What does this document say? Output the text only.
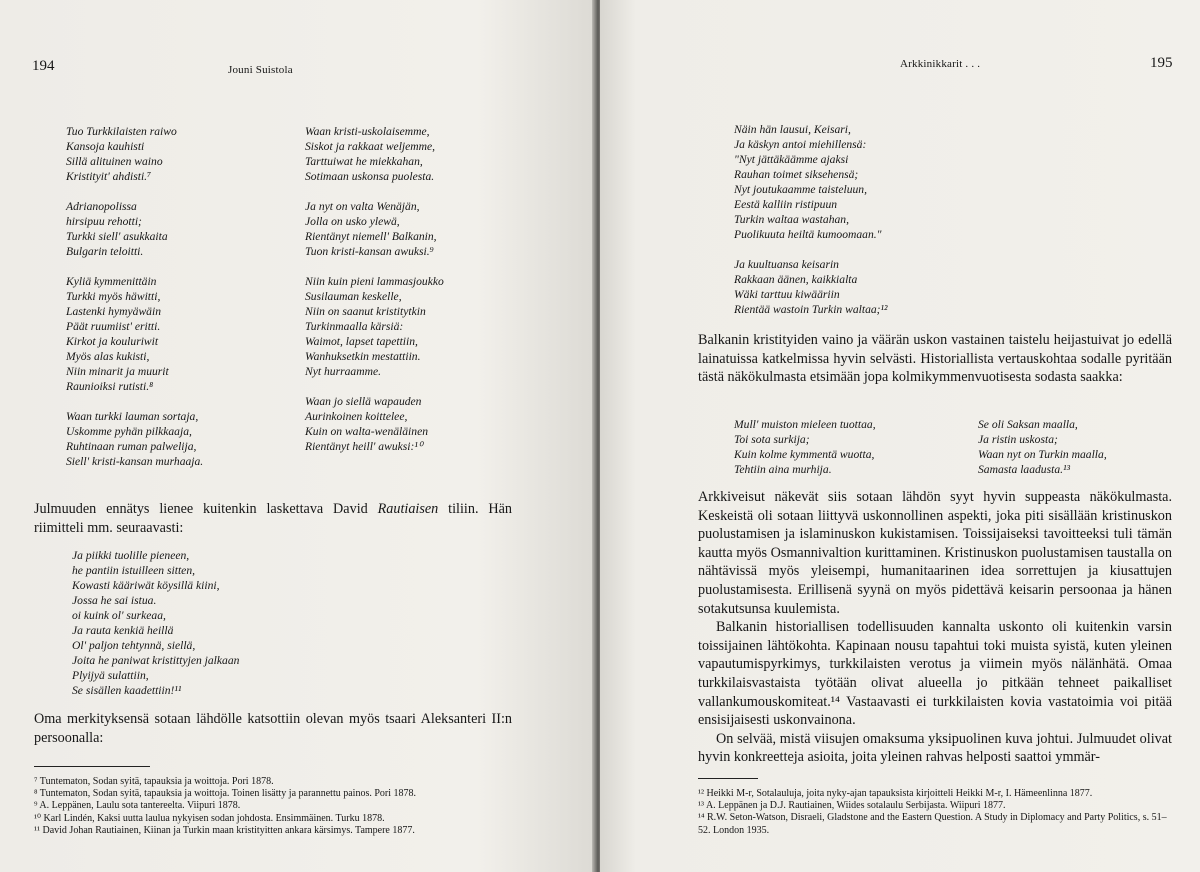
194	Jouni Suistola
Tuo Turkkilaisten raiwo
Kansoja kauhisti
Sillä alituinen waino
Kristityit' ahdisti.⁷
Adrianopolissa
hirsipuu rehotti;
Turkki siell' asukkaita
Bulgarin teloitti.
Kyliä kymmenittäin
Turkki myös häwitti,
Lastenki hymyäwäin
Päät ruumiist' eritti.
Kirkot ja kouluriwit
Myös alas kukisti,
Niin minarit ja muurit
Raunioiksi rutisti.⁸
Waan turkki lauman sortaja,
Uskomme pyhän pilkkaaja,
Ruhtinaan ruman palwelija,
Siell' kristi-kansan murhaaja.
Waan kristi-uskolaisemme,
Siskot ja rakkaat weljemme,
Tarttuiwat he miekkahan,
Sotimaan uskonsa puolesta.
Ja nyt on valta Wenäjän,
Jolla on usko ylewä,
Rientänyt niemell' Balkanin,
Tuon kristi-kansan awuksi.⁹
Niin kuin pieni lammasjoukko
Susilauman keskelle,
Niin on saanut kristitytkin
Turkinmaalla kärsiä:
Waimot, lapset tapettiin,
Wanhuksetkin mestattiin.
Nyt hurraamme.
Waan jo siellä wapauden
Aurinkoinen koittelee,
Kuin on walta-wenäläinen
Rientänyt heill' awuksi:¹⁰

Julmuuden ennätys lienee kuitenkin laskettava David Rautiaisen tiliin. Hän riimitteli mm. seuraavasti:

Ja piikki tuolille pieneen,
he pantiin istuilleen sitten,
Kowasti kääriwät köysillä kiini,
Jossa he sai istua.
oi kuink ol' surkeaa,
Ja rauta kenkiä heillä
Ol' paljon tehtynnä, siellä,
Joita he paniwat kristittyjen jalkaan
Plyijyä sulattiin,
Se sisällen kaadettiin!¹¹

Oma merkityksensä sotaan lähdölle katsottiin olevan myös tsaari Aleksanteri II:n persoonalla:

⁷ Tuntematon, Sodan syitä, tapauksia ja woittoja. Pori 1878.
⁸ Tuntematon, Sodan syitä, tapauksia ja woittoja. Toinen lisätty ja parannettu painos. Pori 1878.
⁹ A. Leppänen, Laulu sota tantereelta. Viipuri 1878.
¹⁰ Karl Lindén, Kaksi uutta laulua nykyisen sodan johdosta. Ensimmäinen. Turku 1878.
¹¹ David Johan Rautiainen, Kiinan ja Turkin maan kristityitten ankara kärsimys. Tampere 1877.
Arkkinikkarit . . .	195
Näin hän lausui, Keisari,
Ja käskyn antoi miehillensä:
"Nyt jättäkäämme ajaksi
Rauhan toimet siksehensä;
Nyt joutukaamme taisteluun,
Eestä kalliin ristipuun
Turkin waltaa wastahan,
Puolikuuta heiltä kumoomaan."
Ja kuultuansa keisarin
Rakkaan äänen, kaikkialta
Wäki tarttuu kiwääriin
Rientää wastoin Turkin waltaa;¹²

Balkanin kristityiden vaino ja väärän uskon vastainen taistelu heijastuivat jo edellä lainatuissa katkelmissa hyvin selvästi. Historiallista vertauskohtaa sodalle pyritään tästä näkökulmasta etsimään jopa kolmikymmenvuotisesta sodasta saakka:

Mull' muiston mieleen tuottaa,
Toi sota surkija;
Kuin kolme kymmentä wuotta,
Tehtiin aina murhija.
Se oli Saksan maalla,
Ja ristin uskosta;
Waan nyt on Turkin maalla,
Samasta laadusta.¹³

Arkkiveisut näkevät siis sotaan lähdön syyt hyvin suppeasta näkökulmasta. Keskeistä oli sotaan liittyvä uskonnollinen aspekti, joka piti sisällään kristinuskon puolustamisen ja islaminuskon kukistamisen. Toissijaiseksi tavoitteeksi tuli tämän kautta myös Osmannivaltion kurittaminen. Kristinuskon puolustamisen taustalla on nähtävissä myös yleisempi, humanitaarinen idea sorrettujen ja kiusattujen puolustamisesta. Erillisenä syynä on myös pidettävä keisarin persoonaa ja hänen sotakutsunsa kuulemista.

Balkanin historiallisen todellisuuden kannalta uskonto oli kuitenkin varsin toissijainen lähtökohta. Kapinaan nousu tapahtui toki muista syistä, kuten yleinen vapautumispyrkimys, turkkilaisten verotus ja viimein myös nälänhätä. Omaa turkkilaisvastaista työtään olivat alueella jo pitkään tehneet paikalliset vallankumouskomiteat.¹⁴ Vastaavasti ei turkkilaisten kovia vastatoimia voi pitää ensisijaisesti uskonvainona.

On selvää, mistä viisujen omaksuma yksipuolinen kuva johtui. Julmuudet olivat hyvin konkreetteja asioita, joita yleinen rahvas helposti saattoi ymmär-

¹² Heikki M-r, Sotalauluja, joita nyky-ajan tapauksista kirjoitteli Heikki M-r, I. Hämeenlinna 1877.
¹³ A. Leppänen ja D.J. Rautiainen, Wiides sotalaulu Serbijasta. Wiipuri 1877.
¹⁴ R.W. Seton-Watson, Disraeli, Gladstone and the Eastern Question. A Study in Diplomacy and Party Politics, s. 51–52. London 1935.
